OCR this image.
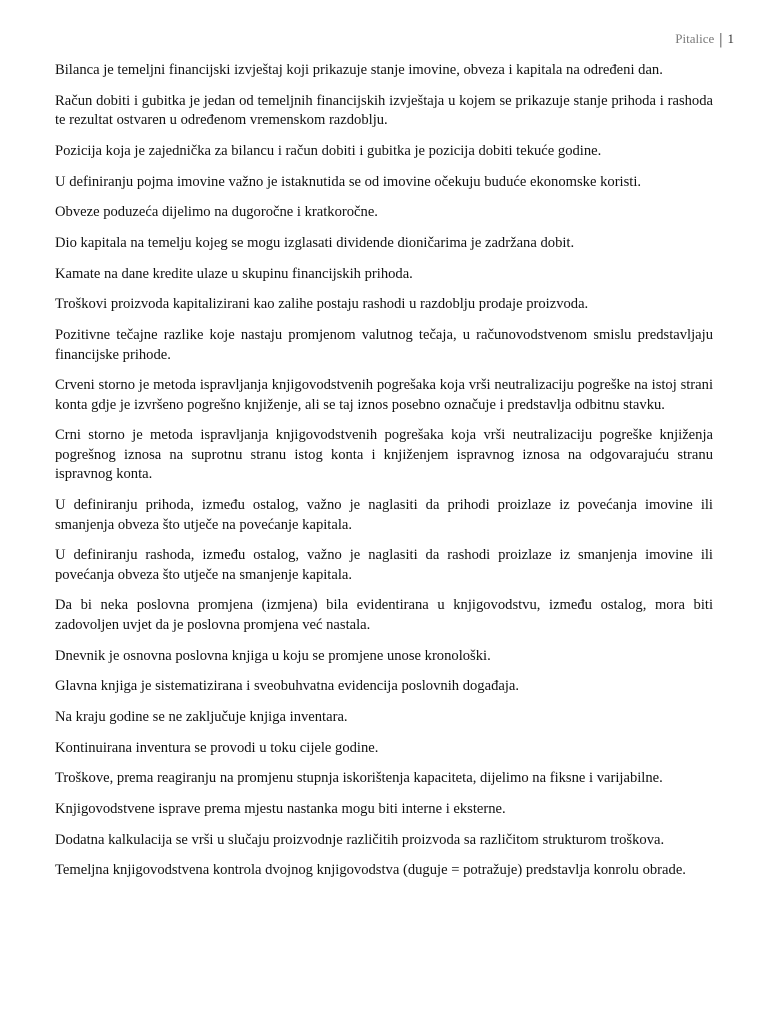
Pitalice | 1

Bilanca je temeljni financijski izvještaj koji prikazuje stanje imovine, obveza i kapitala na određeni dan.

Račun dobiti i gubitka je jedan od temeljnih financijskih izvještaja u kojem se prikazuje stanje prihoda i rashoda te rezultat ostvaren u određenom vremenskom razdoblju.

Pozicija koja je zajednička za bilancu i račun dobiti i gubitka je pozicija dobiti tekuće godine.

U definiranju pojma imovine važno je istaknutida se od imovine očekuju buduće ekonomske koristi.

Obveze poduzeća dijelimo na dugoročne i kratkoročne.

Dio kapitala na temelju kojeg se mogu izglasati dividende dioničarima je zadržana dobit.

Kamate na dane kredite ulaze u skupinu financijskih prihoda.

Troškovi proizvoda kapitalizirani kao zalihe postaju rashodi u razdoblju prodaje proizvoda.

Pozitivne tečajne razlike koje nastaju promjenom valutnog tečaja, u računovodstvenom smislu predstavljaju financijske prihode.

Crveni storno je metoda ispravljanja knjigovodstvenih pogrešaka koja vrši neutralizaciju pogreške na istoj strani konta gdje je izvršeno pogrešno knjiženje, ali se taj iznos posebno označuje i predstavlja odbitnu stavku.

Crni storno je metoda ispravljanja knjigovodstvenih pogrešaka koja vrši neutralizaciju pogreške knjiženja pogrešnog iznosa na suprotnu stranu istog konta i knjiženjem ispravnog iznosa na odgovarajuću stranu ispravnog konta.

U definiranju prihoda, između ostalog, važno je naglasiti da prihodi proizlaze iz povećanja imovine ili smanjenja obveza što utječe na povećanje kapitala.

U definiranju rashoda, između ostalog, važno je naglasiti da rashodi proizlaze iz smanjenja imovine ili povećanja obveza što utječe na smanjenje kapitala.

Da bi neka poslovna promjena (izmjena) bila evidentirana u knjigovodstvu, između ostalog, mora biti zadovoljen uvjet da je poslovna promjena već nastala.

Dnevnik je osnovna poslovna knjiga u koju se promjene unose kronološki.

Glavna knjiga je sistematizirana i sveobuhvatna evidencija poslovnih događaja.

Na kraju godine se ne zaključuje knjiga inventara.

Kontinuirana inventura se provodi u toku cijele godine.

Troškove, prema reagiranju na promjenu stupnja iskorištenja kapaciteta, dijelimo na fiksne i varijabilne.

Knjigovodstvene isprave prema mjestu nastanka mogu biti interne i eksterne.

Dodatna kalkulacija se vrši u slučaju proizvodnje različitih proizvoda sa različitom strukturom troškova.

Temeljna knjigovodstvena kontrola dvojnog knjigovodstva (duguje = potražuje) predstavlja konrolu obrade.
